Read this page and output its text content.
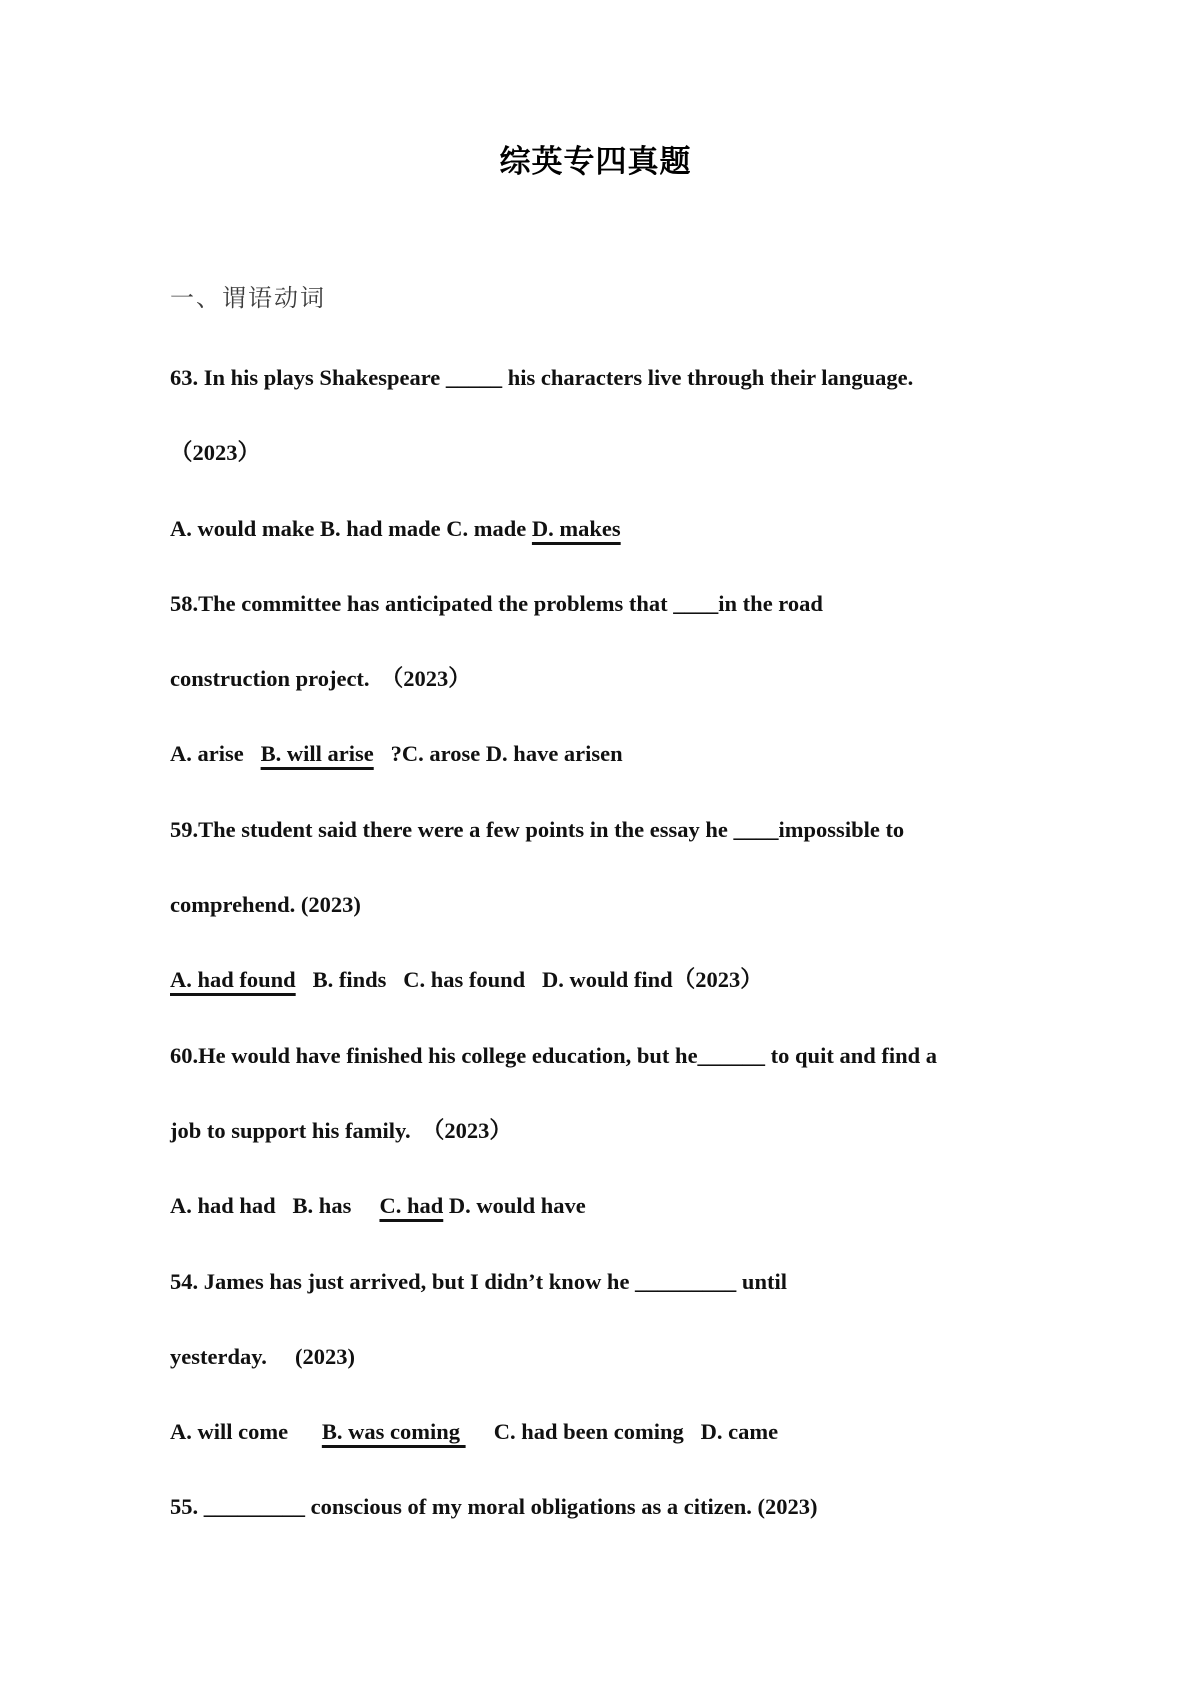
综英专四真题
一、谓语动词
63. In his plays Shakespeare _____ his characters live through their language.
（2023）
A. would make B. had made C. made D. makes
58.The committee has anticipated the problems that ____in the road
construction project.  （2023）
A. arise   B. will arise   ?C. arose D. have arisen
59.The student said there were a few points in the essay he ____impossible to
comprehend. (2023)
A. had found   B. finds   C. has found   D. would find（2023）
60.He would have finished his college education, but he______ to quit and find a
job to support his family.  （2023）
A. had had   B. has     C. had D. would have
54. James has just arrived, but I didn’t know he _________ until
yesterday.     (2023)
A. will come      B. was coming      C. had been coming   D. came
55. _________ conscious of my moral obligations as a citizen. (2023)
